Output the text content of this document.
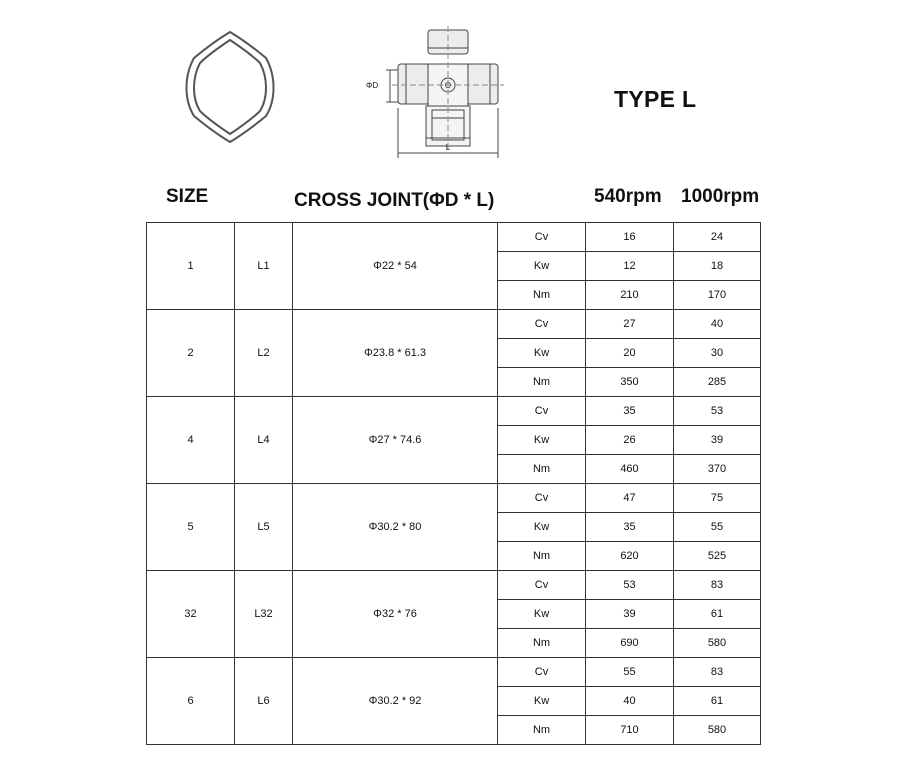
ΦD
L
TYPE L
SIZE	CROSS JOINT(ΦD * L)	540rpm 1000rpm
1	L1	Φ22 * 54	Cv	16	24
			Kw	12	18
			Nm	210	170
2	L2	Φ23.8 * 61.3	Cv	27	40
			Kw	20	30
			Nm	350	285
4	L4	Φ27 * 74.6	Cv	35	53
			Kw	26	39
			Nm	460	370
5	L5	Φ30.2 * 80	Cv	47	75
			Kw	35	55
			Nm	620	525
32	L32	Φ32 * 76	Cv	53	83
			Kw	39	61
			Nm	690	580
6	L6	Φ30.2 * 92	Cv	55	83
			Kw	40	61
			Nm	710	580
